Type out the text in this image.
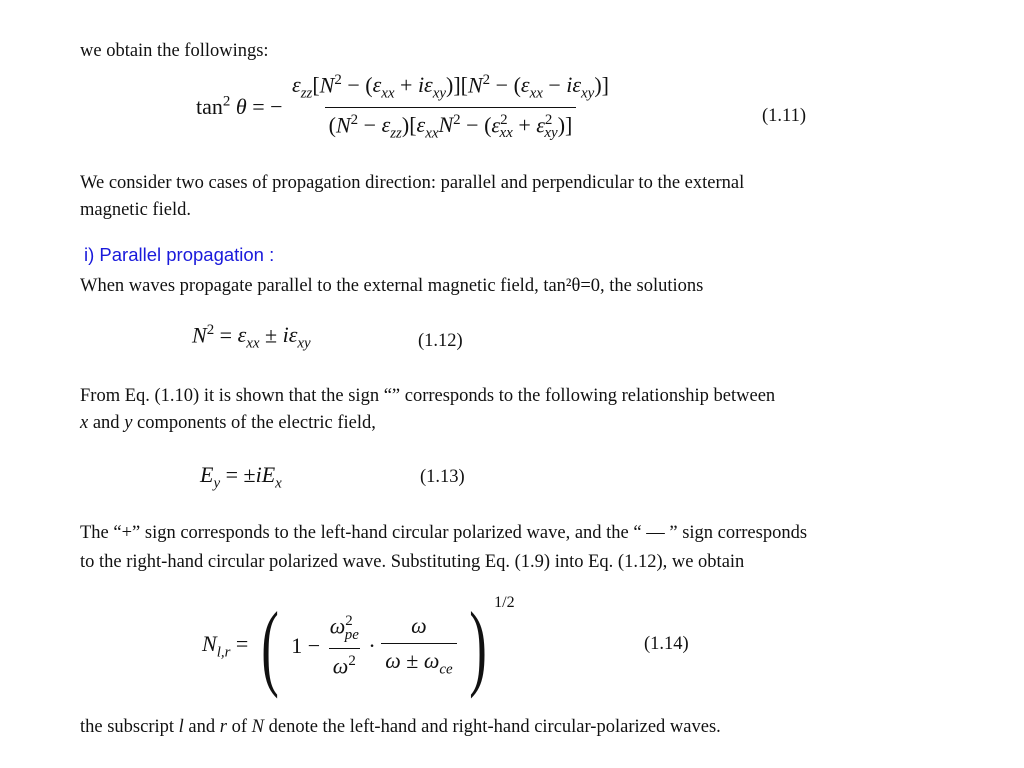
we obtain the followings:
$\tan^2 \theta$ = − $\frac{\varepsilon_{zz}[N^2 - (\varepsilon_{xx} + i\varepsilon_{xy})][N^2 - (\varepsilon_{xx} - i\varepsilon_{xy})]}{(N^2 - \varepsilon_{zz})[\varepsilon_{xx}N^2 - (\varepsilon^2_{xx} + \varepsilon^2_{xy})]}$	(1.11)
We consider two cases of propagation direction: parallel and perpendicular to the external
magnetic field.
i) Parallel propagation :
When waves propagate parallel to the external magnetic field, tan²θ=0, the solutions
$N^2 = \varepsilon_{xx} \pm i\varepsilon_{xy}$	(1.12)
From Eq. (1.10) it is shown that the sign “” corresponds to the following relationship between
x and y components of the electric field,
$E_y = \pm iE_x$	(1.13)
The “+” sign corresponds to the left-hand circular polarized wave, and the “ — ” sign corresponds
to the right-hand circular polarized wave. Substituting Eq. (1.9) into Eq. (1.12), we obtain
$N_{l,r}$ = ( $1 - \frac{\omega^2_{pe}}{\omega^2} \cdot \frac{\omega}{\omega \pm \omega_{ce}}$ ) $^{1/2}$
(1.14)
the subscript l and r of N denote the left-hand and right-hand circular-polarized waves.
